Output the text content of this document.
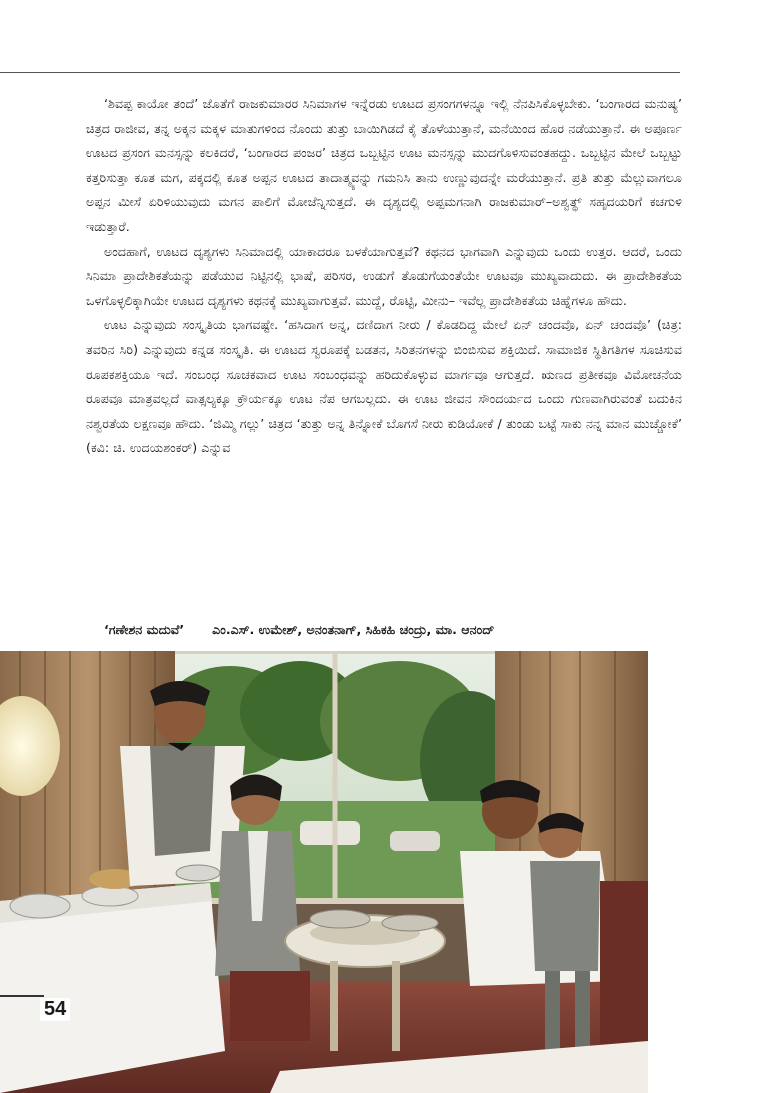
‘ಶಿವಪ್ಪ ಕಾಯೋ ತಂದೆ’ ಜೊತೆಗೆ ರಾಜಕುಮಾರರ ಸಿನಿಮಾಗಳ ಇನ್ನೆರಡು ಊಟದ ಪ್ರಸಂಗಗಳನ್ನೂ ಇಲ್ಲಿ ನೆನಪಿಸಿಕೊಳ್ಳಬೇಕು. ‘ಬಂಗಾರದ ಮನುಷ್ಯ’ ಚಿತ್ರದ ರಾಜೀವ, ತನ್ನ ಅಕ್ಕನ ಮಕ್ಕಳ ಮಾತುಗಳಿಂದ ನೊಂದು ತುತ್ತು ಬಾಯಿಗಿಡದೆ ಕೈ ತೊಳೆಯುತ್ತಾನೆ, ಮನೆಯಿಂದ ಹೊರ ನಡೆಯುತ್ತಾನೆ. ಈ ಅಪೂರ್ಣ ಊಟದ ಪ್ರಸಂಗ ಮನಸ್ಸನ್ನು ಕಲಕಿದರೆ, ‘ಬಂಗಾರದ ಪಂಜರ’ ಚಿತ್ರದ ಒಬ್ಬಟ್ಟಿನ ಊಟ ಮನಸ್ಸನ್ನು ಮುದಗೊಳಿಸುವಂತಹದ್ದು. ಒಬ್ಬಟ್ಟಿನ ಮೇಲೆ ಒಬ್ಬಟ್ಟು ಕತ್ತರಿಸುತ್ತಾ ಕೂತ ಮಗ, ಪಕ್ಕದಲ್ಲಿ ಕೂತ ಅಪ್ಪನ ಊಟದ ತಾದಾತ್ಮ್ಯವನ್ನು ಗಮನಿಸಿ ತಾನು ಉಣ್ಣುವುದನ್ನೇ ಮರೆಯುತ್ತಾನೆ. ಪ್ರತಿ ತುತ್ತು ಮೆಲ್ಲುವಾಗಲೂ ಅಪ್ಪನ ಮೀಸೆ ಏರಿಳಿಯುವುದು ಮಗನ ಪಾಲಿಗೆ ಮೋಜೆನ್ನಿಸುತ್ತದೆ. ಈ ದೃಶ್ಯದಲ್ಲಿ ಅಪ್ಪಮಗನಾಗಿ ರಾಜಕುಮಾರ್–ಅಶ್ವತ್ಥ್ ಸಹೃದಯರಿಗೆ ಕಚಗುಳಿ ಇಡುತ್ತಾರೆ.

ಅಂದಹಾಗೆ, ಊಟದ ದೃಶ್ಯಗಳು ಸಿನಿಮಾದಲ್ಲಿ ಯಾಕಾದರೂ ಬಳಕೆಯಾಗುತ್ತವೆ? ಕಥನದ ಭಾಗವಾಗಿ ಎನ್ನುವುದು ಒಂದು ಉತ್ತರ. ಆದರೆ, ಒಂದು ಸಿನಿಮಾ ಪ್ರಾದೇಶಿಕತೆಯನ್ನು ಪಡೆಯುವ ನಿಟ್ಟಿನಲ್ಲಿ ಭಾಷೆ, ಪರಿಸರ, ಉಡುಗೆ ತೊಡುಗೆಯಂತೆಯೇ ಊಟವೂ ಮುಖ್ಯವಾದುದು. ಈ ಪ್ರಾದೇಶಿಕತೆಯ ಒಳಗೊಳ್ಳಲಿಕ್ಕಾಗಿಯೇ ಊಟದ ದೃಶ್ಯಗಳು ಕಥನಕ್ಕೆ ಮುಖ್ಯವಾಗುತ್ತವೆ. ಮುದ್ದೆ, ರೊಟ್ಟಿ, ಮೀನು– ಇವೆಲ್ಲ ಪ್ರಾದೇಶಿಕತೆಯ ಚಿಹ್ನೆಗಳೂ ಹೌದು.

ಊಟ ಎನ್ನುವುದು ಸಂಸ್ಕೃತಿಯ ಭಾಗವಷ್ಟೇ. ‘ಹಸಿದಾಗ ಅನ್ನ, ದಣಿದಾಗ ನೀರು / ಕೊಡದಿದ್ದ ಮೇಲೆ ಏನ್ ಚಂದವೊ, ಏನ್ ಚಂದವೊ’ (ಚಿತ್ರ: ತವರಿನ ಸಿರಿ) ಎನ್ನುವುದು ಕನ್ನಡ ಸಂಸ್ಕೃತಿ. ಈ ಊಟದ ಸ್ವರೂಪಕ್ಕೆ ಬಡತನ, ಸಿರಿತನಗಳನ್ನು ಬಿಂಬಿಸುವ ಶಕ್ತಿಯಿದೆ. ಸಾಮಾಜಿಕ ಸ್ಥಿತಿಗತಿಗಳ ಸೂಚಿಸುವ ರೂಪಕಶಕ್ತಿಯೂ ಇದೆ. ಸಂಬಂಧ ಸೂಚಕವಾದ ಊಟ ಸಂಬಂಧವನ್ನು ಹರಿದುಕೊಳ್ಳುವ ಮಾರ್ಗವೂ ಆಗುತ್ತದೆ. ಋಣದ ಪ್ರತೀಕವೂ ವಿಮೋಚನೆಯ ರೂಪವೂ ಮಾತ್ರವಲ್ಲದೆ ವಾತ್ಸಲ್ಯಕ್ಕೂ ಕ್ರೌರ್ಯಕ್ಕೂ ಊಟ ನೆಪ ಆಗಬಲ್ಲದು. ಈ ಊಟ ಜೀವನ ಸೌಂದರ್ಯದ ಒಂದು ಗುಣವಾಗಿರುವಂತೆ ಬದುಕಿನ ನಶ್ವರತೆಯ ಲಕ್ಷಣವೂ ಹೌದು. ‘ಜಿಮ್ಮಿ ಗಲ್ಲು’ ಚಿತ್ರದ ‘ತುತ್ತು ಅನ್ನ ತಿನ್ನೋಕೆ ಬೊಗಸೆ ನೀರು ಕುಡಿಯೋಕೆ / ತುಂಡು ಬಟ್ಟೆ ಸಾಕು ನನ್ನ ಮಾನ ಮುಚ್ಚೋಕೆ’ (ಕವಿ: ಚಿ. ಉದಯಶಂಕರ್) ಎನ್ನುವ

‘ಗಣೇಶನ ಮದುವೆ’ ಎಂ.ಎಸ್. ಉಮೇಶ್, ಅನಂತನಾಗ್, ಸಿಹಿಕಹಿ ಚಂದ್ರು, ಮಾ. ಆನಂದ್
54
